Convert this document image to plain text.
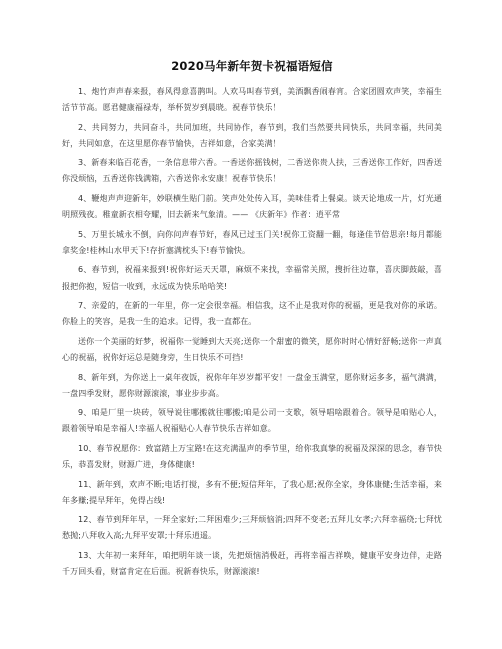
2020马年新年贺卡祝福语短信

1、炮竹声声春来报，春风得意喜鹊叫。人欢马叫春节到，美酒飘香闹春宵。合家团圆欢声笑，幸福生活节节高。愿君健康福禄寿，举杯贺岁到晨晓。祝春节快乐！

2、共同努力，共同奋斗，共同加班，共同协作，春节到，我们当然要共同快乐，共同幸福，共同美好，共同如意，在这里愿你春节愉快，吉祥如意，合家美满！

3、新春来临百花香，一条信息带六香。一香送你摇钱树，二香送你贵人扶，三香送你工作好，四香送你没烦恼，五香送你钱满箱，六香送你永安康！祝春节快乐！

4、鞭炮声声迎新年，妙联横生贴门前。笑声处处传入耳，美味佳肴上餐桌。谈天论地成一片，灯光通明照残夜。稚童新衣相夸耀，旧去新来气象清。—— 《庆新年》作者：逍平常

5、万里长城永不倒，向你问声春节好，春风已过玉门关!祝你工资翻一翻，每逢佳节倍思亲!每月都能拿奖金!桂林山水甲天下!存折塞满枕头下!春节愉快。

6、春节到，祝福来报到!祝你好运天天罩，麻烦不来找，幸福常关照，搜折往边靠，喜庆脚鼓敲，喜报把你抱，短信一收到，永远成为快乐哈哈笑!

7、亲爱的，在新的一年里，你一定会很幸福。相信我，这不止是我对你的祝福，更是我对你的承诺。你脸上的笑容，是我一生的追求。记得，我一直都在。

送你一个美丽的好梦，祝福你一觉睡到大天亮;送你一个甜蜜的微笑，愿你时时心情好舒畅;送你一声真心的祝福，祝你好运总是随身旁，生日快乐不可挡!

8、新年到，为你送上一桌年夜饭，祝你年年岁岁都平安！一盘金玉满堂，愿你财运多多，福气满满，一盘四季发财，愿你财源滚滚，事业步步高。

9、咱是厂里一块砖，领导说往哪搬就往哪搬;咱是公司一支歌，领导唱啥跟着合。领导是咱贴心人，跟着领导咱是幸福人!幸福人祝福贴心人春节快乐吉祥如意。

10、春节祝愿你：致富踏上万宝路!在这充满温声的季节里，给你我真挚的祝福及深深的思念，春节快乐，恭喜发财，财源广进，身体健康!

11、新年到，欢声不断;电话打搅，多有不便;短信拜年，了我心愿;祝你全家，身体康健;生活幸福，来年多赚;提早拜年，免得占线!

12、春节到拜年早，一拜全家好;二拜困难少;三拜烦恼消;四拜不变老;五拜儿女孝;六拜幸福绕;七拜忧愁抛;八拜收入高;九拜平安罩;十拜乐逍遥。

13、大年初一来拜年，咱把明年谈一谈，先把烦恼消极赶，再将幸福吉祥唤，健康平安身边伴，走路千万回头看，财富肯定在后面。祝新春快乐，财源滚滚!
